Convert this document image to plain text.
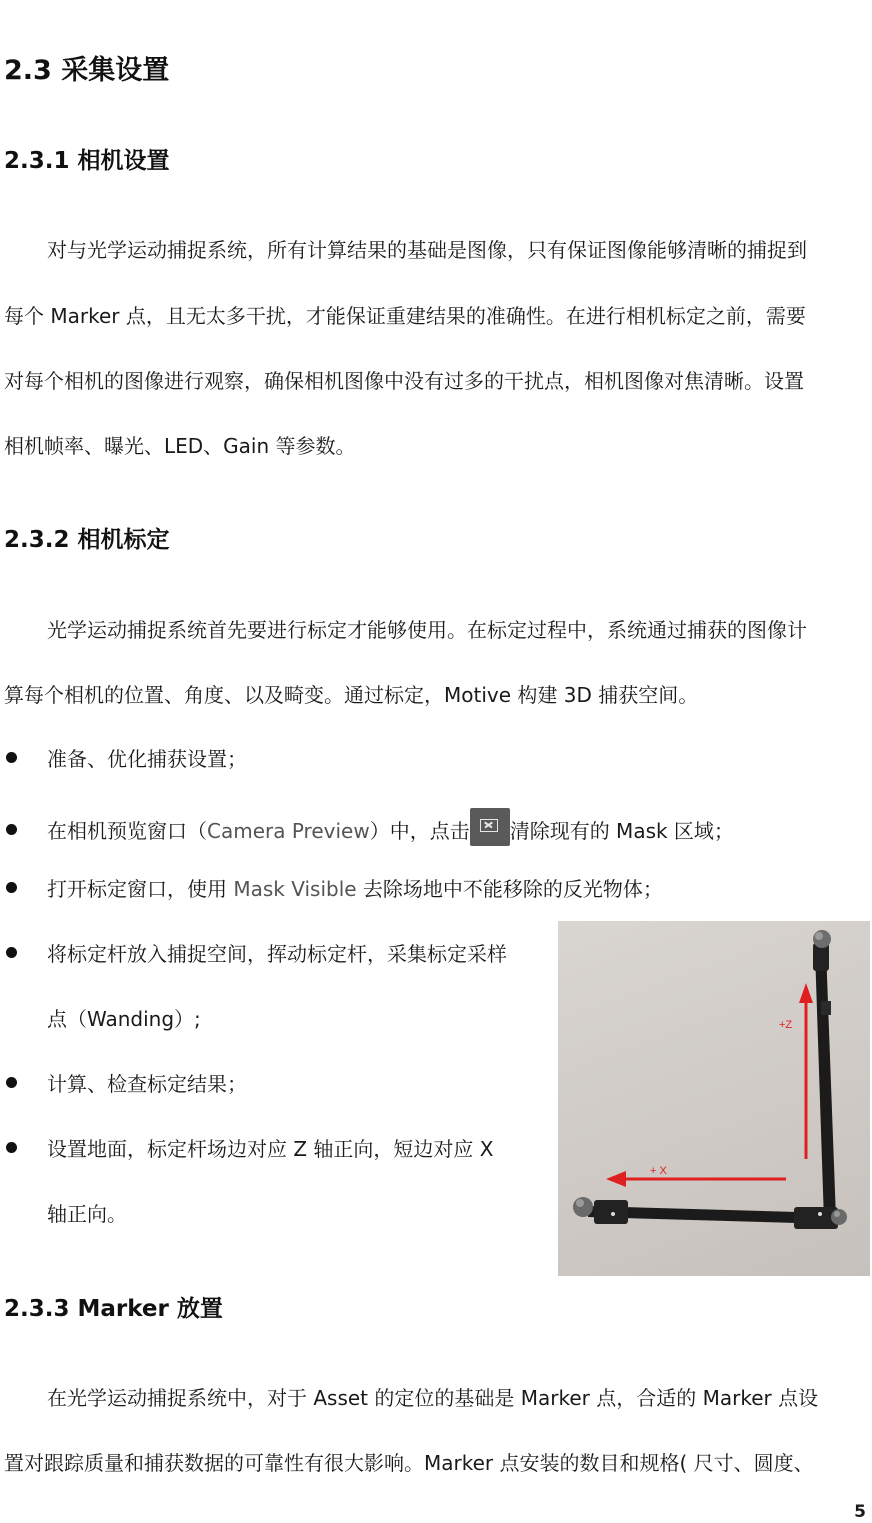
2.3 采集设置
2.3.1 相机设置
对与光学运动捕捉系统，所有计算结果的基础是图像，只有保证图像能够清晰的捕捉到
每个 Marker 点，且无太多干扰，才能保证重建结果的准确性。在进行相机标定之前，需要
对每个相机的图像进行观察，确保相机图像中没有过多的干扰点，相机图像对焦清晰。设置
相机帧率、曝光、LED、Gain 等参数。
2.3.2 相机标定
光学运动捕捉系统首先要进行标定才能够使用。在标定过程中，系统通过捕获的图像计
算每个相机的位置、角度、以及畸变。通过标定，Motive 构建 3D 捕获空间。
准备、优化捕获设置；
在相机预览窗口（Camera Preview）中，点击 清除现有的 Mask 区域；
打开标定窗口，使用 Mask Visible 去除场地中不能移除的反光物体；
将标定杆放入捕捉空间，挥动标定杆，采集标定采样
点（Wanding）;
计算、检查标定结果；
设置地面，标定杆场边对应 Z 轴正向，短边对应 X
轴正向。
+Z
+ X
2.3.3 Marker 放置
在光学运动捕捉系统中，对于 Asset 的定位的基础是 Marker 点，合适的 Marker 点设
置对跟踪质量和捕获数据的可靠性有很大影响。Marker 点安装的数目和规格( 尺寸、圆度、
5
